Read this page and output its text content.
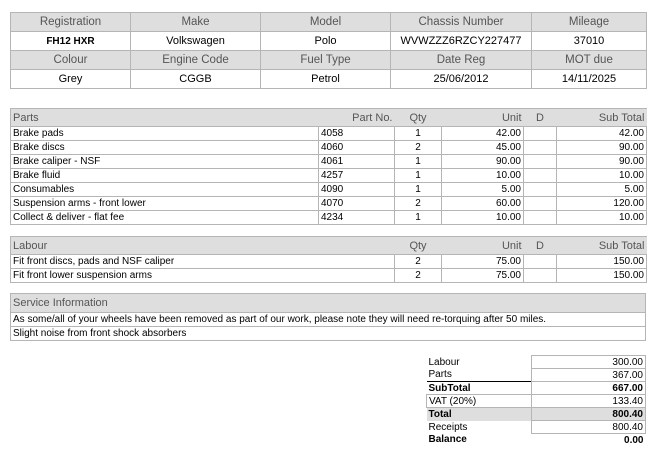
Registration	Make	Model	Chassis Number	Mileage
FH12 HXR	Volkswagen	Polo	WVWZZZ6RZCY227477	37010
Colour	Engine Code	Fuel Type	Date Reg	MOT due
Grey	CGGB	Petrol	25/06/2012	14/11/2025
Parts	Part No.	Qty	Unit	D	Sub Total
Brake pads	4058	1	42.00		42.00
Brake discs	4060	2	45.00		90.00
Brake caliper - NSF	4061	1	90.00		90.00
Brake fluid	4257	1	10.00		10.00
Consumables	4090	1	5.00		5.00
Suspension arms - front lower	4070	2	60.00		120.00
Collect & deliver - flat fee	4234	1	10.00		10.00
Labour	Qty	Unit	D	Sub Total
Fit front discs, pads and NSF caliper	2	75.00		150.00
Fit front lower suspension arms	2	75.00		150.00
Service Information
As some/all of your wheels have been removed as part of our work, please note they will need re-torquing after 50 miles.
Slight noise from front shock absorbers
Labour	300.00
Parts	367.00
SubTotal	667.00
VAT (20%)	133.40
Total	800.40
Receipts	800.40
Balance	0.00
